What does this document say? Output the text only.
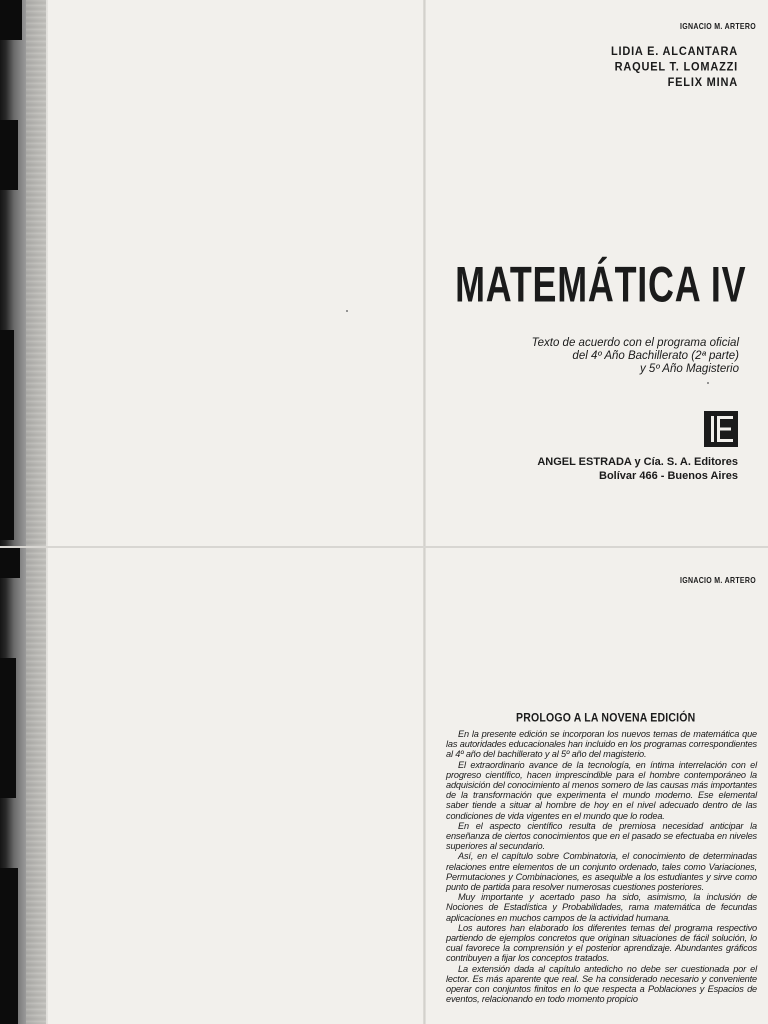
IGNACIO M. ARTERO
LIDIA E. ALCANTARA
RAQUEL T. LOMAZZI
FELIX MINA
MATEMÁTICA IV
Texto de acuerdo con el programa oficial
del 4º Año Bachillerato (2ª parte)
y 5º Año Magisterio
ANGEL ESTRADA y Cía. S. A. Editores
Bolívar 466 - Buenos Aires
IGNACIO M. ARTERO
PROLOGO A LA NOVENA EDICIÓN

En la presente edición se incorporan los nuevos temas de matemática que las autoridades educacionales han incluido en los programas correspondientes al 4º año del bachillerato y al 5º año del magisterio.

El extraordinario avance de la tecnología, en íntima interrelación con el progreso científico, hacen imprescindible para el hombre contemporáneo la adquisición del conocimiento al menos somero de las causas más importantes de la transformación que experimenta el mundo moderno. Ese elemental saber tiende a situar al hombre de hoy en el nivel adecuado dentro de las condiciones de vida vigentes en el mundo que lo rodea.

En el aspecto científico resulta de premiosa necesidad anticipar la enseñanza de ciertos conocimientos que en el pasado se efectuaba en niveles superiores al secundario.

Así, en el capítulo sobre Combinatoria, el conocimiento de determinadas relaciones entre elementos de un conjunto ordenado, tales como Variaciones, Permutaciones y Combinaciones, es asequible a los estudiantes y sirve como punto de partida para resolver numerosas cuestiones posteriores.

Muy importante y acertado paso ha sido, asimismo, la inclusión de Nociones de Estadística y Probabilidades, rama matemática de fecundas aplicaciones en muchos campos de la actividad humana.

Los autores han elaborado los diferentes temas del programa respectivo partiendo de ejemplos concretos que originan situaciones de fácil solución, lo cual favorece la comprensión y el posterior aprendizaje. Abundantes gráficos contribuyen a fijar los conceptos tratados.

La extensión dada al capítulo antedicho no debe ser cuestionada por el lector. Es más aparente que real. Se ha considerado necesario y conveniente operar con conjuntos finitos en lo que respecta a Poblaciones y Espacios de eventos, relacionando en todo momento propicio
